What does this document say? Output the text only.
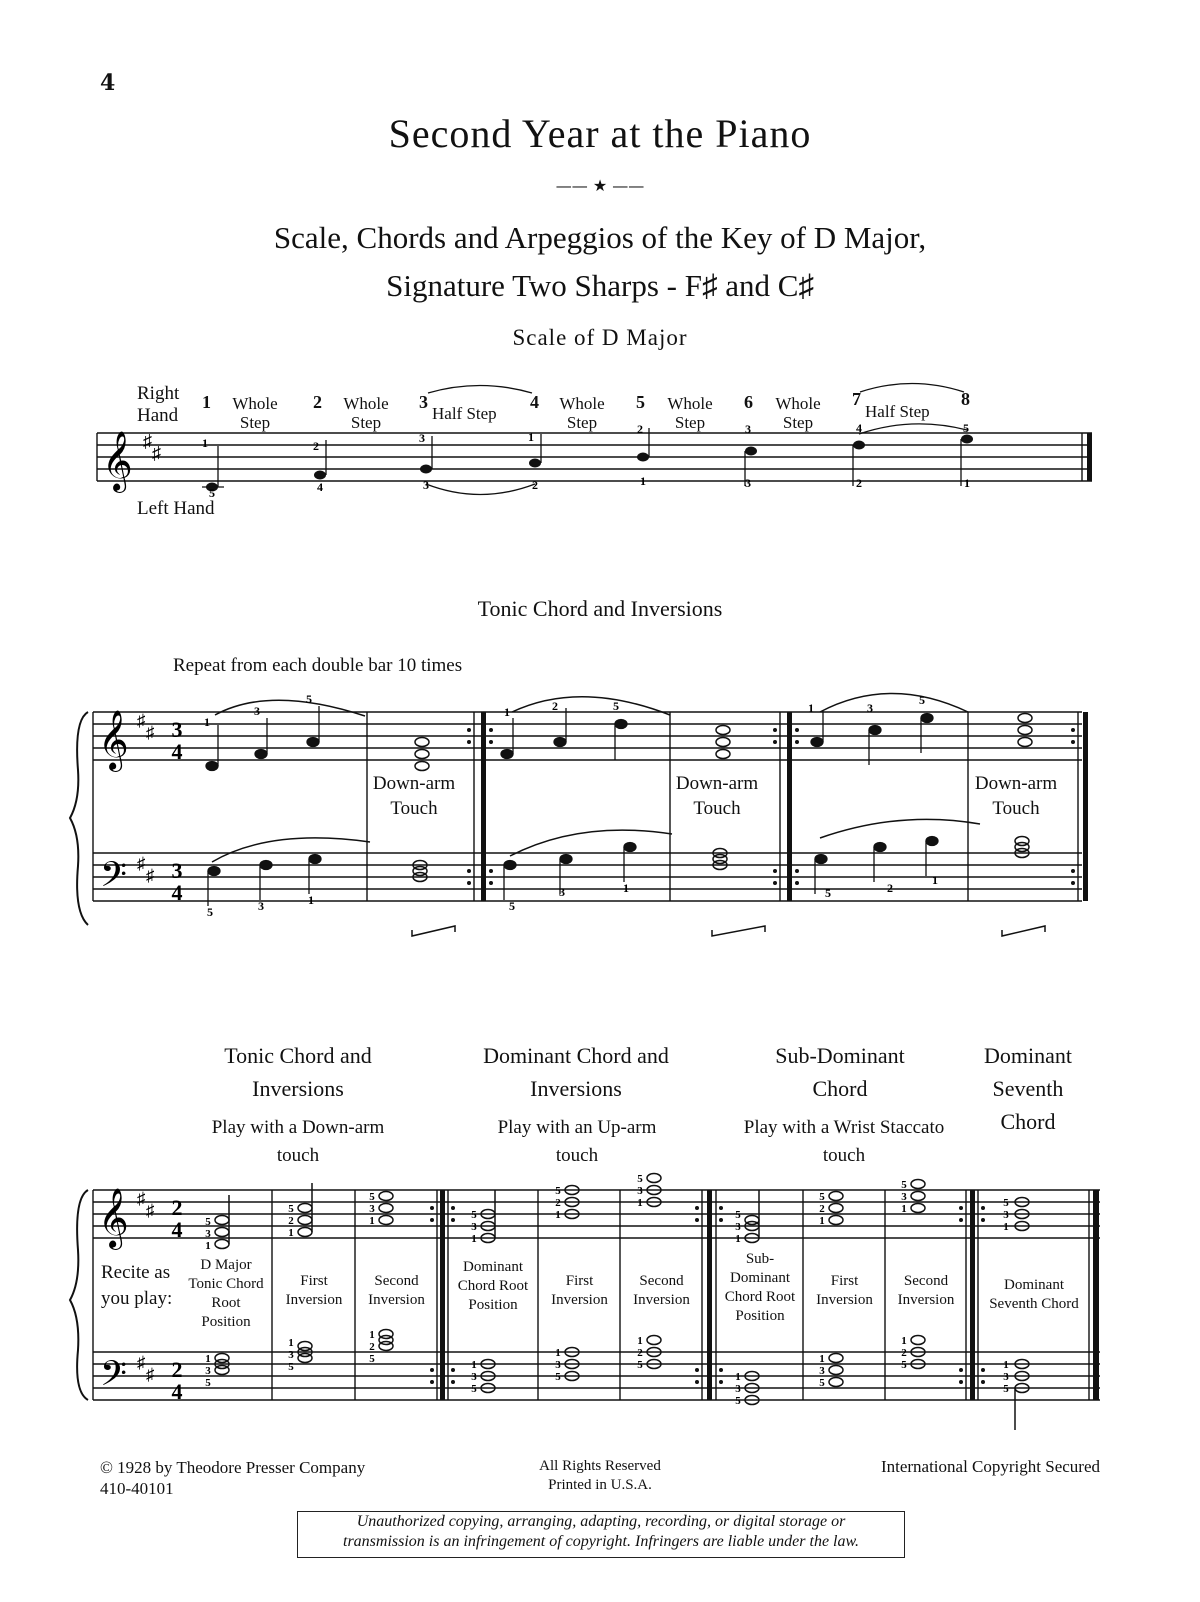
4
Second Year at the Piano
—— ★ ——
Scale, Chords and Arpeggios of the Key of D Major,
Signature Two Sharps - F♯ and C♯
Scale of D Major
Right Hand
Left Hand
1	2	3	4	5	6	7	8
Whole Step
Whole Step	Half Step
Whole Step
Whole Step
Whole Step
Half Step
𝄞 ♯
♯	1	2
3	1
2	3	4	5
5	4	3	2	1	3	2	1
Tonic Chord and Inversions
Repeat from each double bar 10 times
𝄞
𝄢
♯
♯
♯
♯
3
4
3
4
1
3
5
1	2	5	1	3
5
5	3	1	5
3	1	5	2
1
Down-arm Touch
Down-arm Touch
Down-arm Touch
Tonic Chord and Inversions
Play with a Down-arm touch
Dominant Chord and Inversions
Play with an Up-arm touch
Sub-Dominant Chord
Play with a Wrist Staccato touch
Dominant Seventh Chord
𝄞
𝄢
♯
♯
♯
♯
2
4
2
4
5
3
1
5
2
1
5
3
1	5
3
1
5
2
1
5
3
1
5
3
1
5
2
1
5
3
1	5
3
1
1
3
5
1
3
5
1
2
5	1
3
5
1
3
5
1
2
5
1
3
5
1
3
5
1
2
5	1
3
5
Recite as you play:
D Major Tonic Chord Root Position
First Inversion
Second Inversion
Dominant Chord Root Position
First Inversion
Second Inversion
Sub-Dominant Chord Root Position
First Inversion
Second Inversion
Dominant Seventh Chord
© 1928 by Theodore Presser Company
410-40101
All Rights Reserved
Printed in U.S.A.
International Copyright Secured
Unauthorized copying, arranging, adapting, recording, or digital storage or
transmission is an infringement of copyright. Infringers are liable under the law.
